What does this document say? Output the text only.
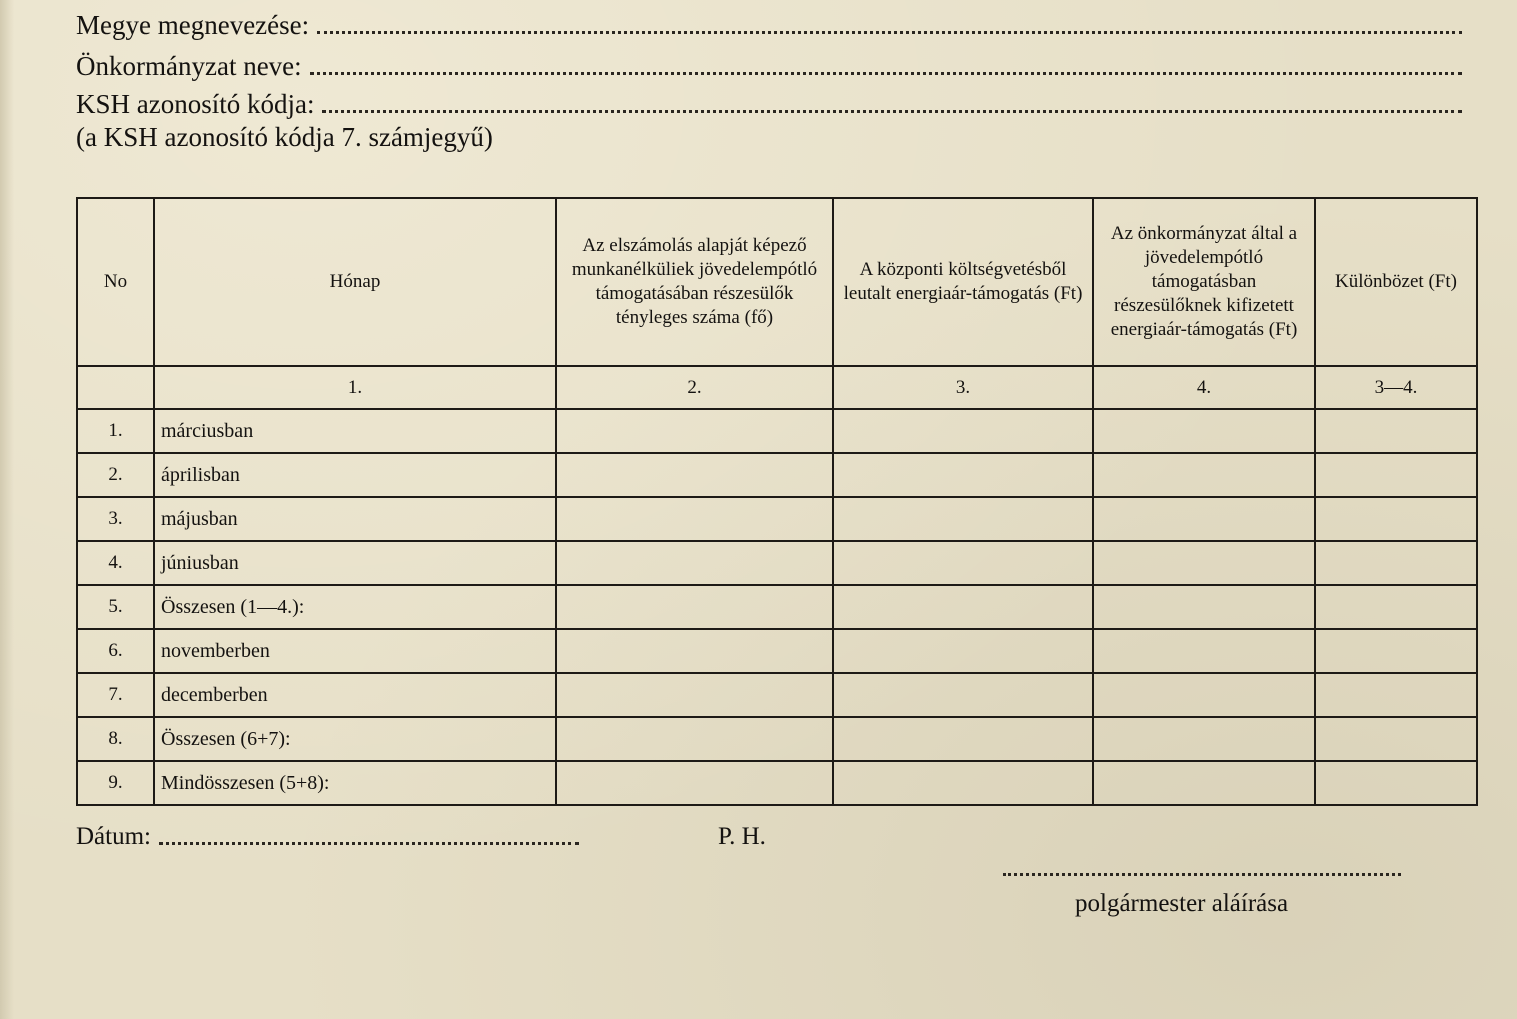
Megye megnevezése:
Önkormányzat neve:
KSH azonosító kódja:
(a KSH azonosító kódja 7. számjegyű)
No	Hónap	Az elszámolás alapját képező munkanélküliek jövedelempótló támogatásában részesülők tényleges száma (fő)	A központi költségvetésből leutalt energiaár-támogatás (Ft)	Az önkormányzat által a jövedelempótló támogatásban részesülőknek kifizetett energiaár-támogatás (Ft)	Különbözet (Ft)
	1.	2.	3.	4.	3—4.
1.	márciusban				
2.	áprilisban				
3.	májusban				
4.	júniusban				
5.	Összesen (1—4.):				
6.	novemberben				
7.	decemberben				
8.	Összesen (6+7):				
9.	Mindösszesen (5+8):				
Dátum:	P. H.
polgármester aláírása
